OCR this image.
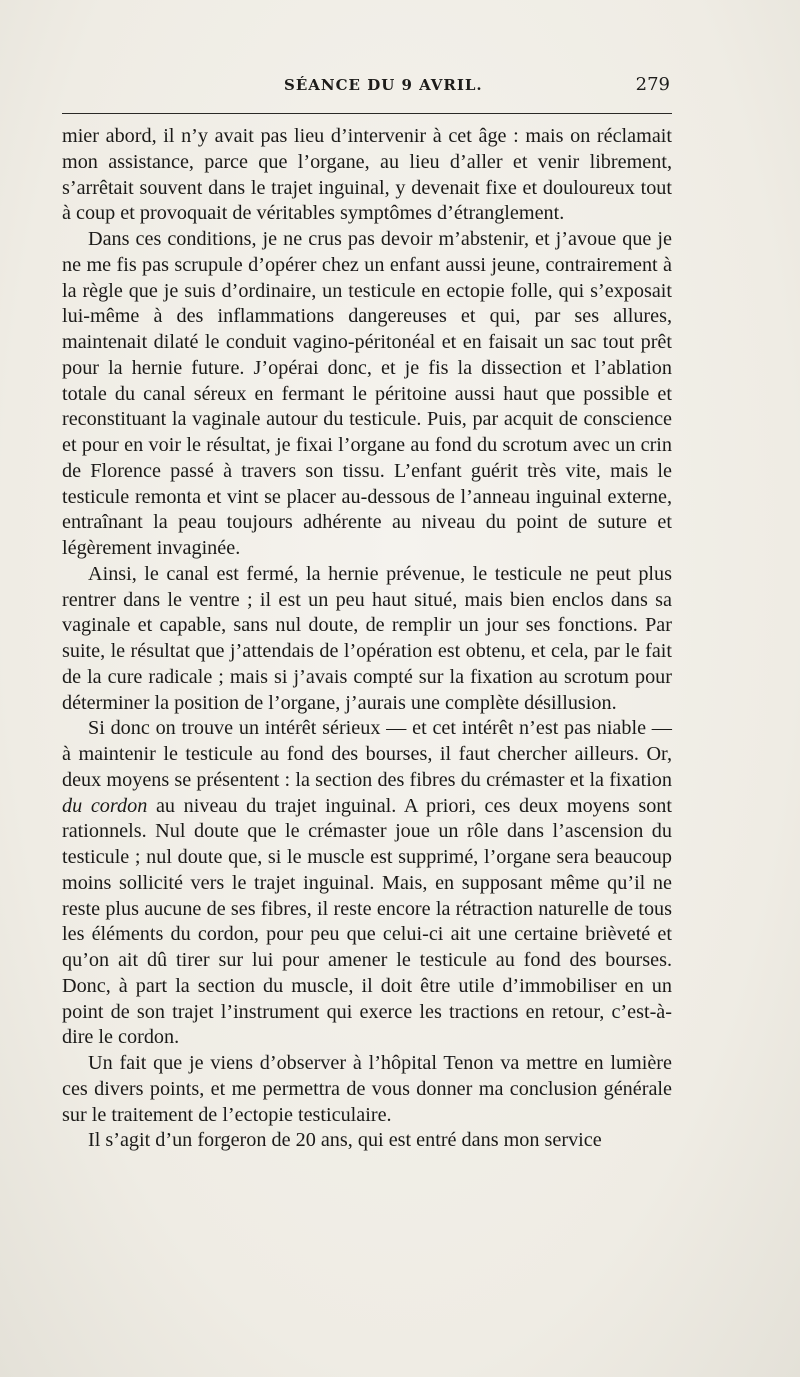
SÉANCE DU 9 AVRIL.	279

mier abord, il n’y avait pas lieu d’intervenir à cet âge : mais on réclamait mon assistance, parce que l’organe, au lieu d’aller et venir librement, s’arrêtait souvent dans le trajet inguinal, y devenait fixe et douloureux tout à coup et provoquait de véritables symptômes d’étranglement.

Dans ces conditions, je ne crus pas devoir m’abstenir, et j’avoue que je ne me fis pas scrupule d’opérer chez un enfant aussi jeune, contrairement à la règle que je suis d’ordinaire, un testicule en ectopie folle, qui s’exposait lui-même à des inflammations dangereuses et qui, par ses allures, maintenait dilaté le conduit vagino-péritonéal et en faisait un sac tout prêt pour la hernie future. J’opérai donc, et je fis la dissection et l’ablation totale du canal séreux en fermant le péritoine aussi haut que possible et reconstituant la vaginale autour du testicule. Puis, par acquit de conscience et pour en voir le résultat, je fixai l’organe au fond du scrotum avec un crin de Florence passé à travers son tissu. L’enfant guérit très vite, mais le testicule remonta et vint se placer au-dessous de l’anneau inguinal externe, entraînant la peau toujours adhérente au niveau du point de suture et légèrement invaginée.

Ainsi, le canal est fermé, la hernie prévenue, le testicule ne peut plus rentrer dans le ventre ; il est un peu haut situé, mais bien enclos dans sa vaginale et capable, sans nul doute, de remplir un jour ses fonctions. Par suite, le résultat que j’attendais de l’opération est obtenu, et cela, par le fait de la cure radicale ; mais si j’avais compté sur la fixation au scrotum pour déterminer la position de l’organe, j’aurais une complète désillusion.

Si donc on trouve un intérêt sérieux — et cet intérêt n’est pas niable — à maintenir le testicule au fond des bourses, il faut chercher ailleurs. Or, deux moyens se présentent : la section des fibres du crémaster et la fixation du cordon au niveau du trajet inguinal. A priori, ces deux moyens sont rationnels. Nul doute que le crémaster joue un rôle dans l’ascension du testicule ; nul doute que, si le muscle est supprimé, l’organe sera beaucoup moins sollicité vers le trajet inguinal. Mais, en supposant même qu’il ne reste plus aucune de ses fibres, il reste encore la rétraction naturelle de tous les éléments du cordon, pour peu que celui-ci ait une certaine brièveté et qu’on ait dû tirer sur lui pour amener le testicule au fond des bourses. Donc, à part la section du muscle, il doit être utile d’immobiliser en un point de son trajet l’instrument qui exerce les tractions en retour, c’est-à-dire le cordon.

Un fait que je viens d’observer à l’hôpital Tenon va mettre en lumière ces divers points, et me permettra de vous donner ma conclusion générale sur le traitement de l’ectopie testiculaire.

Il s’agit d’un forgeron de 20 ans, qui est entré dans mon service
